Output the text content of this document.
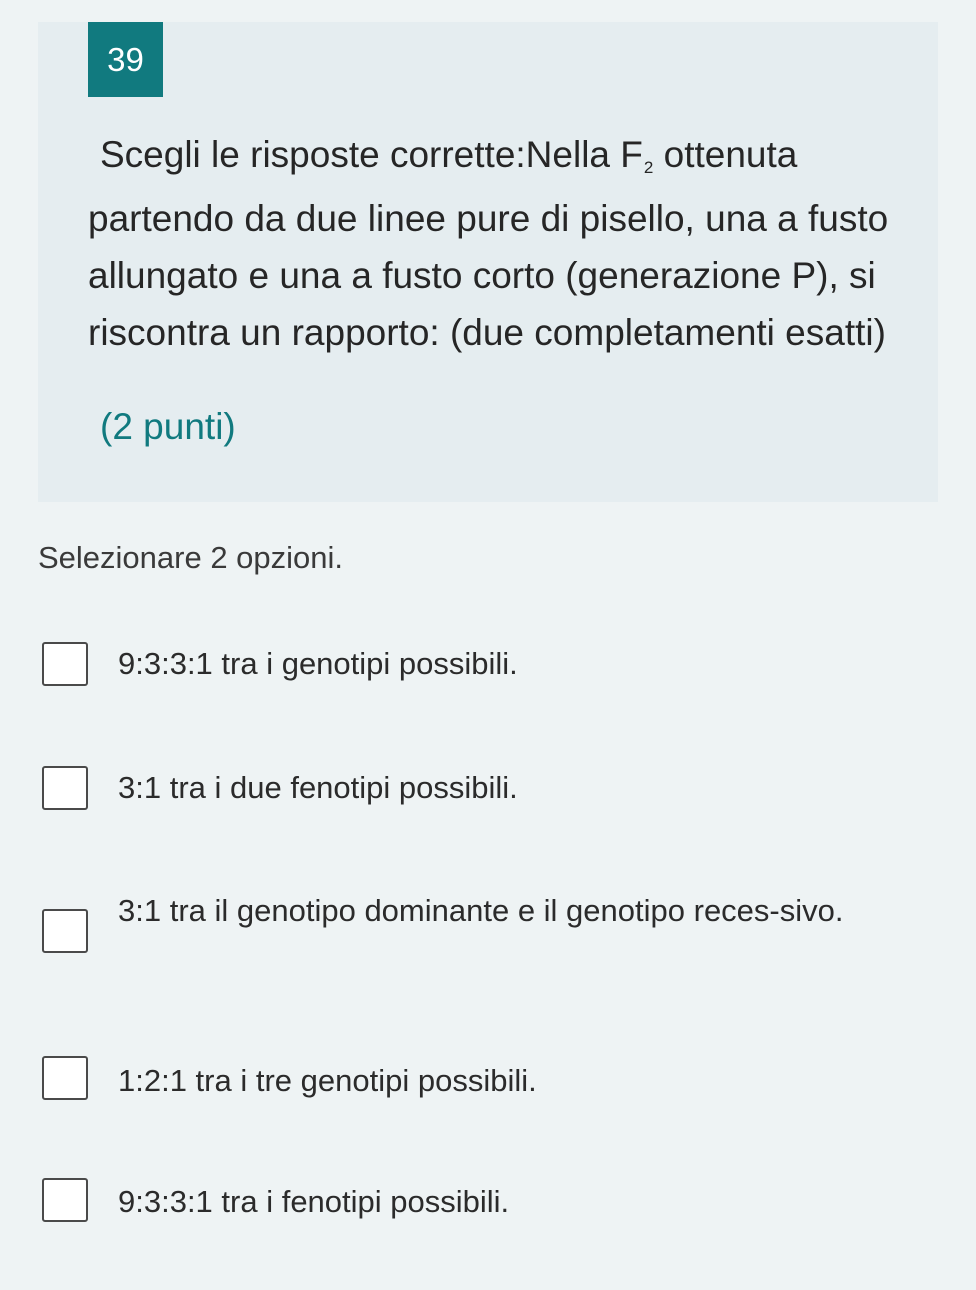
39
Scegli le risposte corrette:Nella $F_2$ ottenuta partendo da due linee pure di pisello, una a fusto allungato e una a fusto corto (generazione P), si riscontra un rapporto: (due completamenti esatti)
(2 punti)
Selezionare 2 opzioni.
9:3:3:1 tra i genotipi possibili.
3:1 tra i due fenotipi possibili.
3:1 tra il genotipo dominante e il genotipo reces-sivo.
1:2:1 tra i tre genotipi possibili.
9:3:3:1 tra i fenotipi possibili.
